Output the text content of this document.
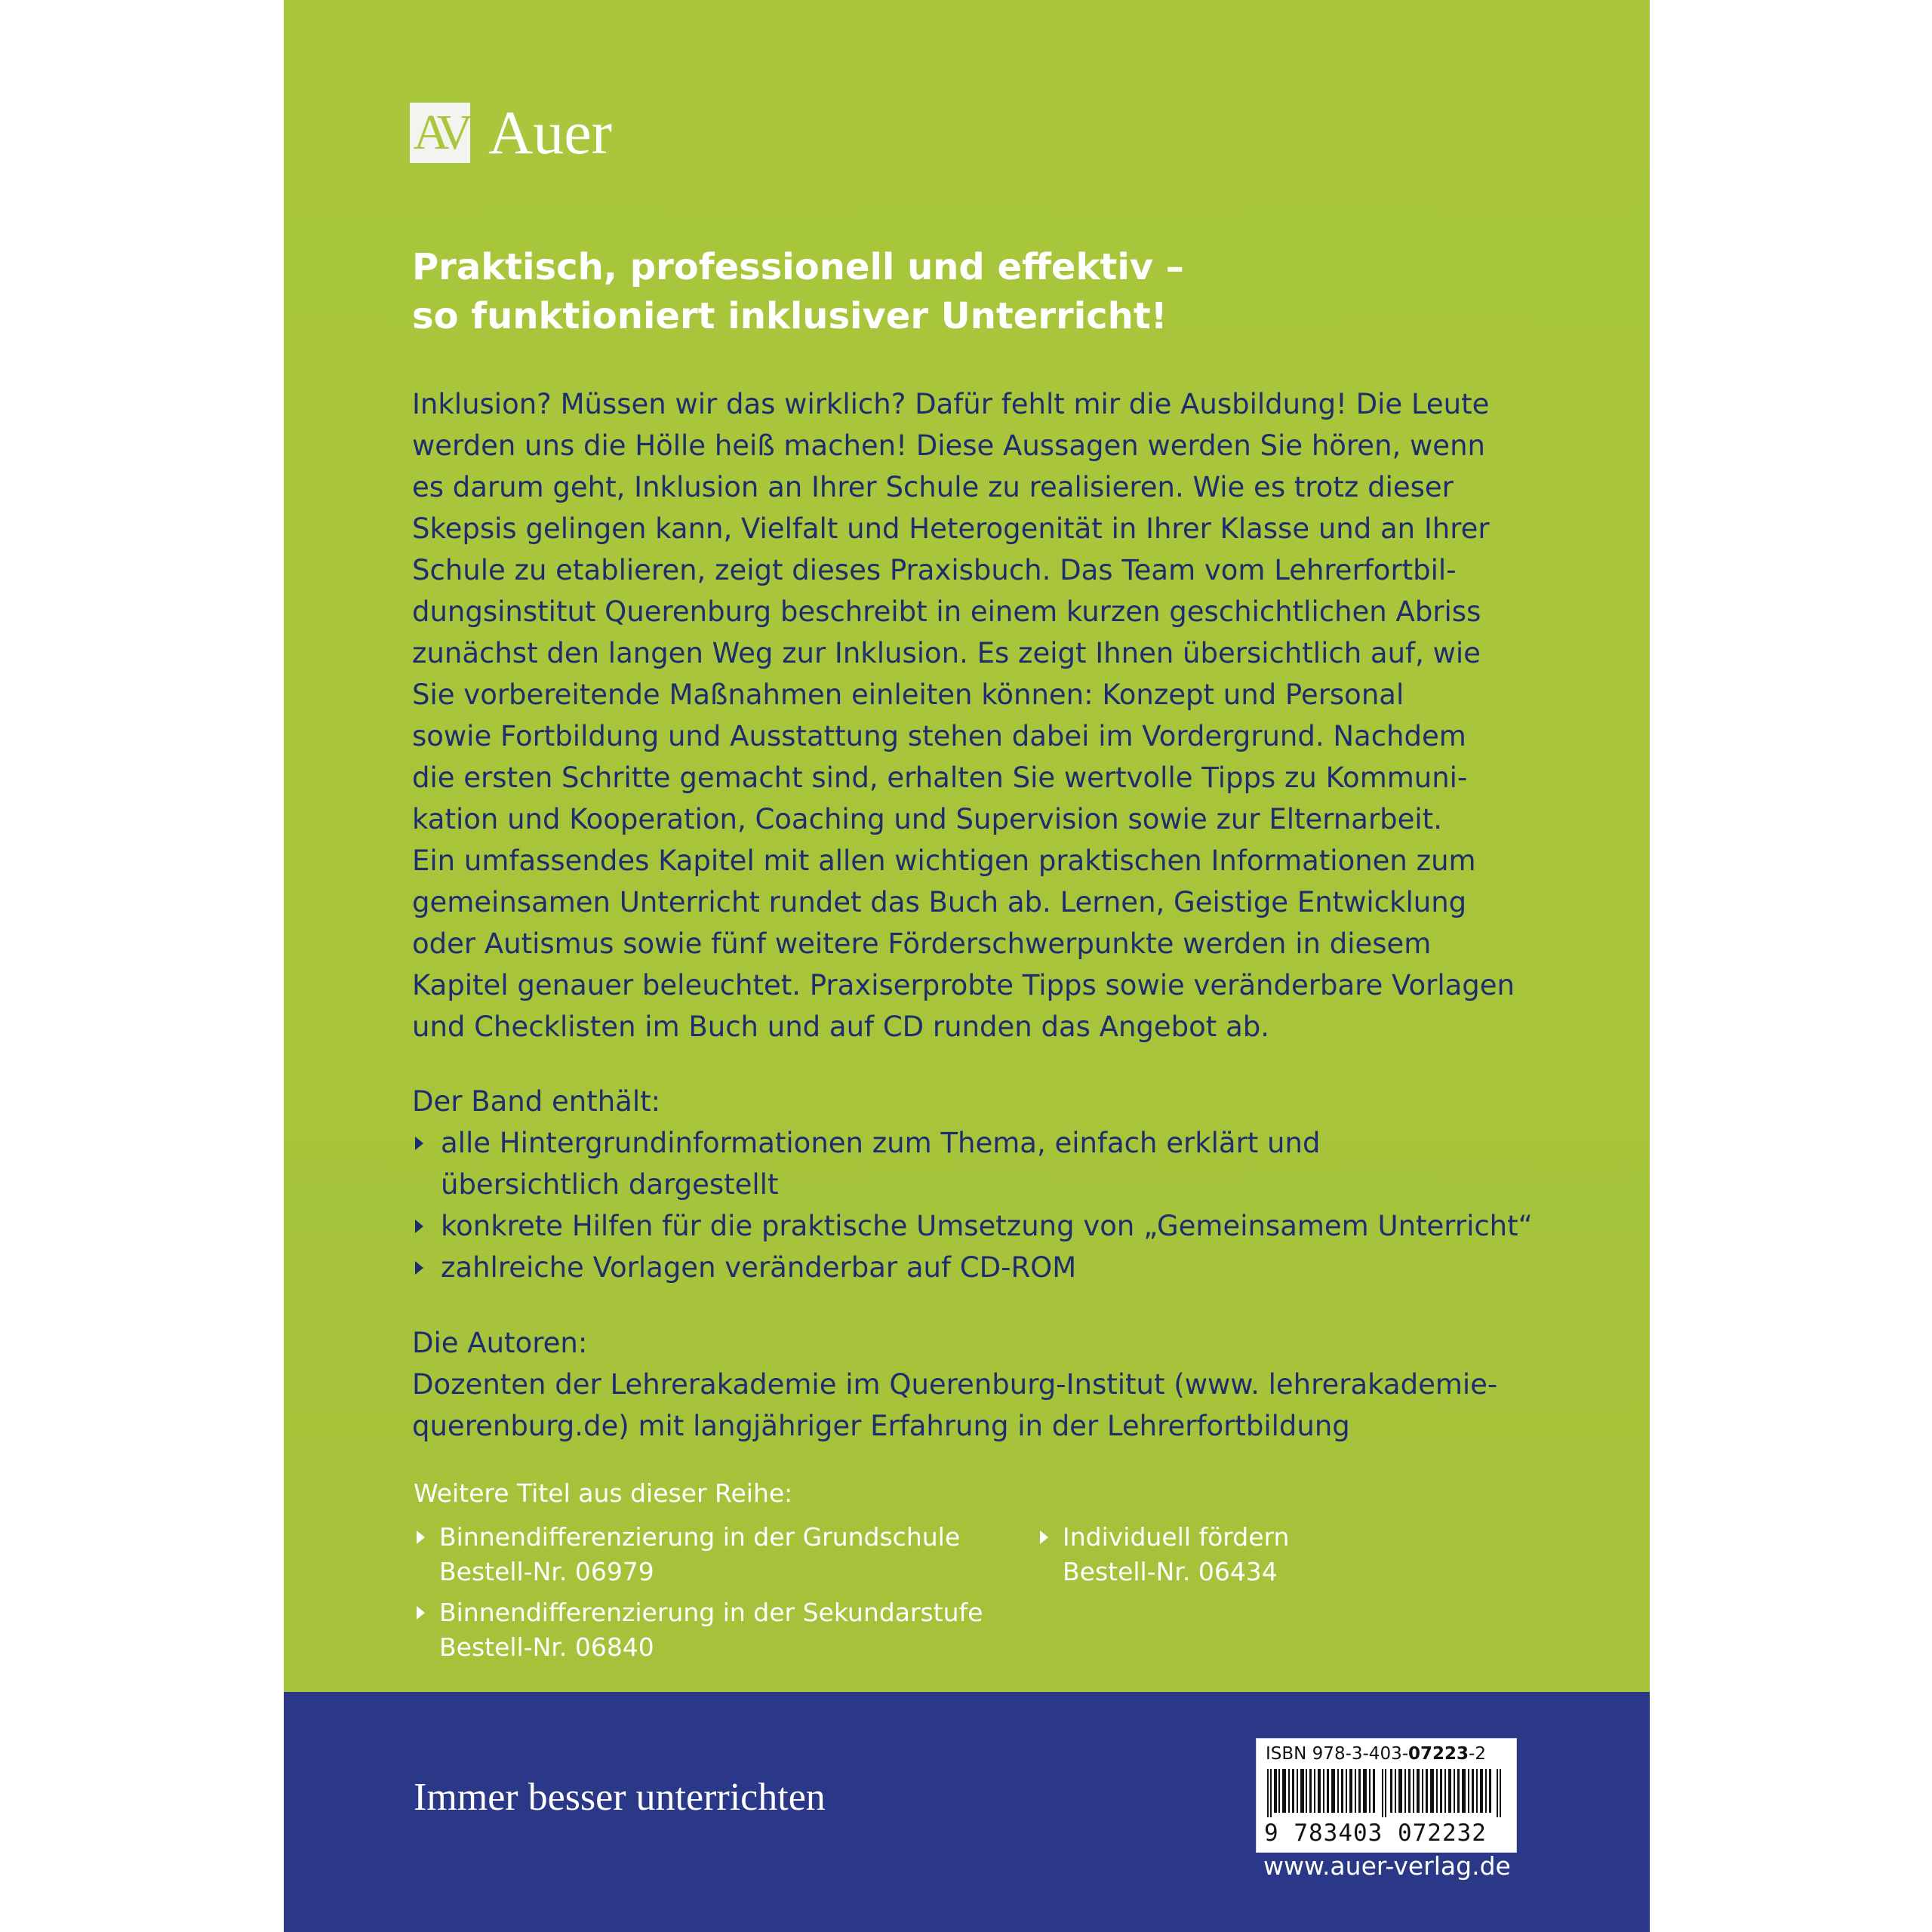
AV Auer
Praktisch, professionell und effektiv –
so funktioniert inklusiver Unterricht!
Inklusion? Müssen wir das wirklich? Dafür fehlt mir die Ausbildung! Die Leute
werden uns die Hölle heiß machen! Diese Aussagen werden Sie hören, wenn
es darum geht, Inklusion an Ihrer Schule zu realisieren. Wie es trotz dieser
Skepsis gelingen kann, Vielfalt und Heterogenität in Ihrer Klasse und an Ihrer
Schule zu etablieren, zeigt dieses Praxisbuch. Das Team vom Lehrerfortbil-
dungsinstitut Querenburg beschreibt in einem kurzen geschichtlichen Abriss
zunächst den langen Weg zur Inklusion. Es zeigt Ihnen übersichtlich auf, wie
Sie vorbereitende Maßnahmen einleiten können: Konzept und Personal
sowie Fortbildung und Ausstattung stehen dabei im Vordergrund. Nachdem
die ersten Schritte gemacht sind, erhalten Sie wertvolle Tipps zu Kommuni-
kation und Kooperation, Coaching und Supervision sowie zur Elternarbeit.
Ein umfassendes Kapitel mit allen wichtigen praktischen Informationen zum
gemeinsamen Unterricht rundet das Buch ab. Lernen, Geistige Entwicklung
oder Autismus sowie fünf weitere Förderschwerpunkte werden in diesem
Kapitel genauer beleuchtet. Praxiserprobte Tipps sowie veränderbare Vorlagen
und Checklisten im Buch und auf CD runden das Angebot ab.
Der Band enthält:
alle Hintergrundinformationen zum Thema, einfach erklärt und
übersichtlich dargestellt
konkrete Hilfen für die praktische Umsetzung von „Gemeinsamem Unterricht“
zahlreiche Vorlagen veränderbar auf CD-ROM
Die Autoren:
Dozenten der Lehrerakademie im Querenburg-Institut (www. lehrerakademie-
querenburg.de) mit langjähriger Erfahrung in der Lehrerfortbildung
Weitere Titel aus dieser Reihe:
Binnendifferenzierung in der Grundschule
Bestell-Nr. 06979
Binnendifferenzierung in der Sekundarstufe
Bestell-Nr. 06840
Individuell fördern
Bestell-Nr. 06434
Immer besser unterrichten
ISBN 978-3-403-07223-2
9 783403 072232
www.auer-verlag.de
